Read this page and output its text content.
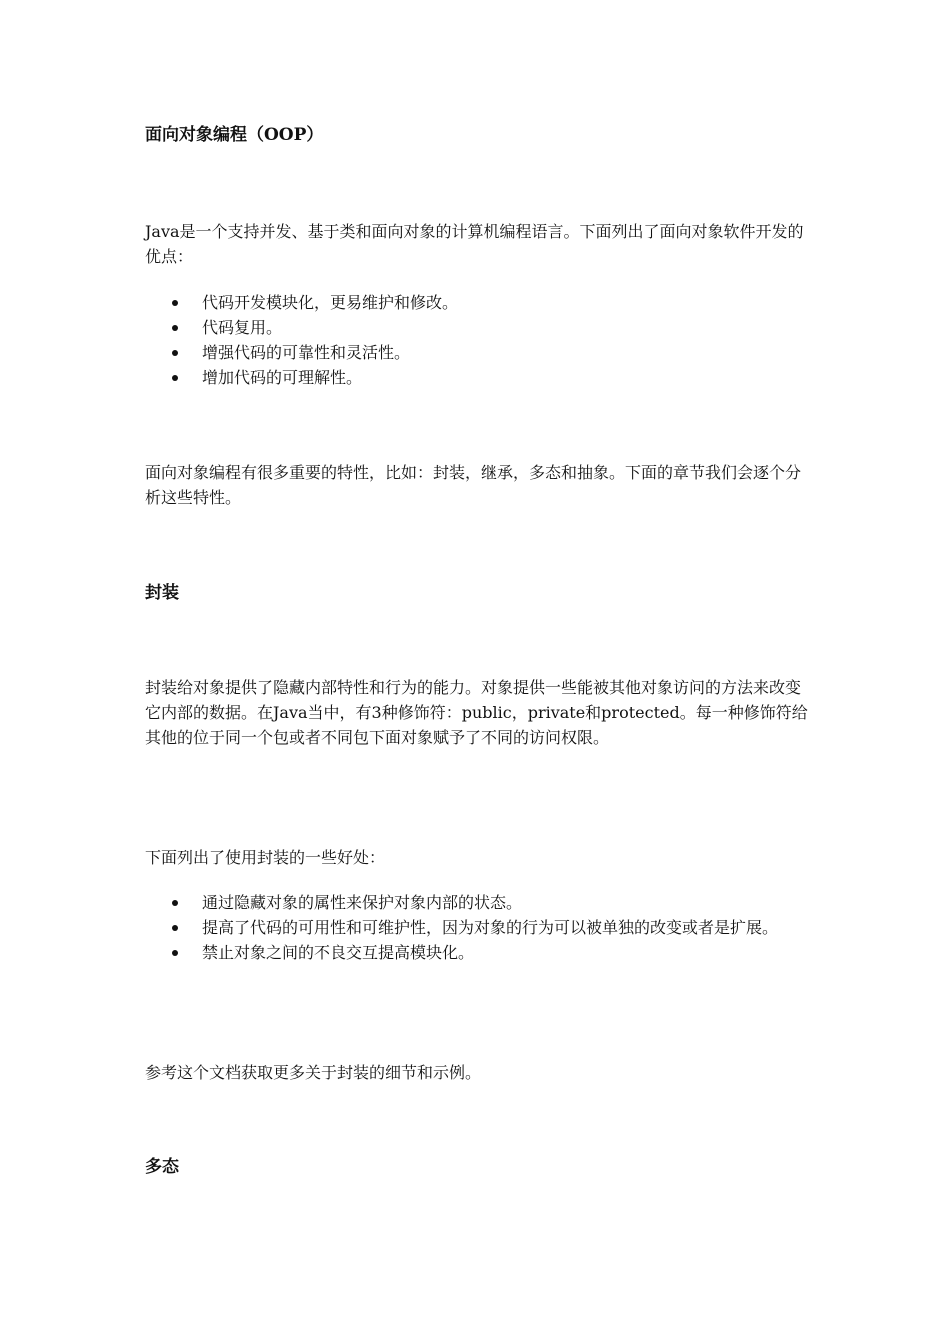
面向对象编程（OOP）

Java是一个支持并发、基于类和面向对象的计算机编程语言。下面列出了面向对象软件开发的优点：

代码开发模块化，更易维护和修改。
代码复用。
增强代码的可靠性和灵活性。
增加代码的可理解性。

面向对象编程有很多重要的特性，比如：封装，继承，多态和抽象。下面的章节我们会逐个分析这些特性。

封装

封装给对象提供了隐藏内部特性和行为的能力。对象提供一些能被其他对象访问的方法来改变它内部的数据。在Java当中，有3种修饰符：public，private和protected。每一种修饰符给其他的位于同一个包或者不同包下面对象赋予了不同的访问权限。

下面列出了使用封装的一些好处：

通过隐藏对象的属性来保护对象内部的状态。
提高了代码的可用性和可维护性，因为对象的行为可以被单独的改变或者是扩展。
禁止对象之间的不良交互提高模块化。

参考这个文档获取更多关于封装的细节和示例。

多态
